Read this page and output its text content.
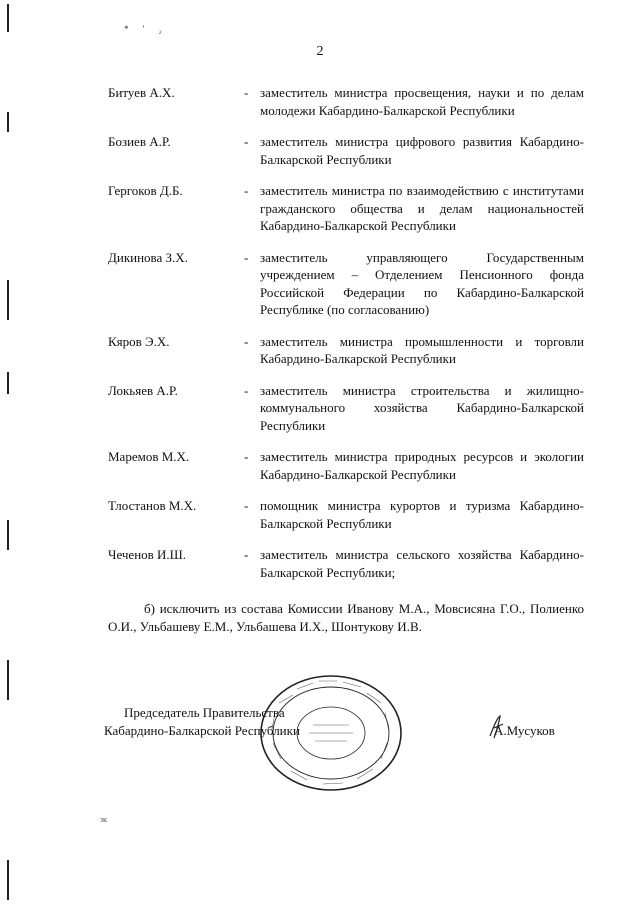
* ' ₂
2
Битуев А.Х.	- заместитель министра просвещения, науки и по делам молодежи Кабардино-Балкарской Республики
Бозиев А.Р.	- заместитель министра цифрового развития Кабардино-Балкарской Республики
Гергоков Д.Б.	- заместитель министра по взаимодействию с институтами гражданского общества и делам национальностей Кабардино-Балкарской Республики
Дикинова З.Х.	- заместитель управляющего Государственным учреждением – Отделением Пенсионного фонда Российской Федерации по Кабардино-Балкарской Республике (по согласованию)
Кяров Э.Х.	- заместитель министра промышленности и торговли Кабардино-Балкарской Республики
Локьяев А.Р.	- заместитель министра строительства и жилищно-коммунального хозяйства Кабардино-Балкарской Республики
Маремов М.Х.	- заместитель министра природных ресурсов и экологии Кабардино-Балкарской Республики
Тлостанов М.Х.	- помощник министра курортов и туризма Кабардино-Балкарской Республики
Чеченов И.Ш.	- заместитель министра сельского хозяйства Кабардино-Балкарской Республики;
б) исключить из состава Комиссии Иванову М.А., Мовсисяна Г.О., Полиенко О.И., Ульбашеву Е.М., Ульбашева И.Х., Шонтукову И.В.
Председатель Правительства
Кабардино-Балкарской Республики	А.Мусуков
ЗК
